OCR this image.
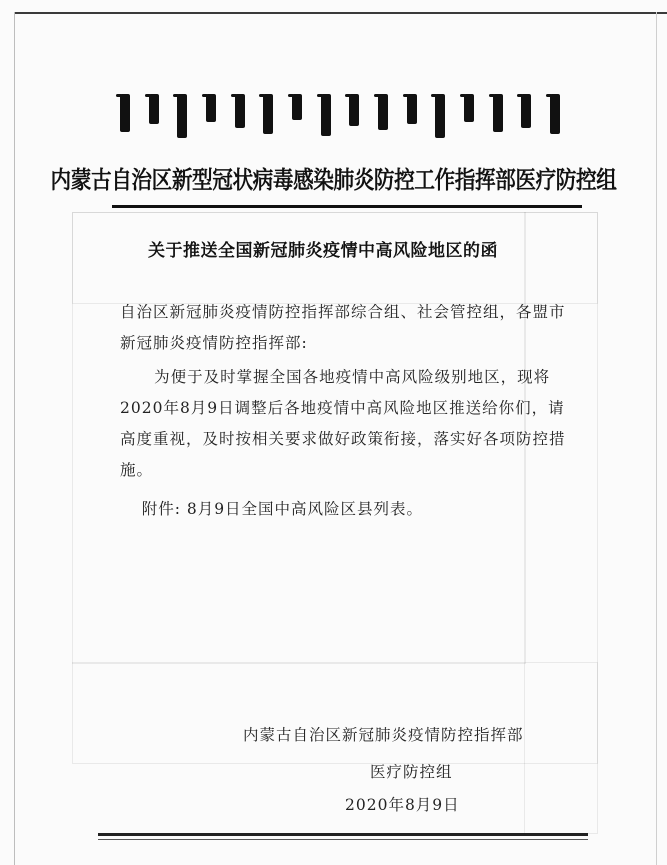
内蒙古自治区新型冠状病毒感染肺炎防控工作指挥部医疗防控组
关于推送全国新冠肺炎疫情中高风险地区的函
自治区新冠肺炎疫情防控指挥部综合组、社会管控组，各盟市新冠肺炎疫情防控指挥部:
为便于及时掌握全国各地疫情中高风险级别地区，现将2020年8月9日调整后各地疫情中高风险地区推送给你们，请高度重视，及时按相关要求做好政策衔接，落实好各项防控措施。
附件: 8月9日全国中高风险区县列表。
内蒙古自治区新冠肺炎疫情防控指挥部
医疗防控组
2020年8月9日
